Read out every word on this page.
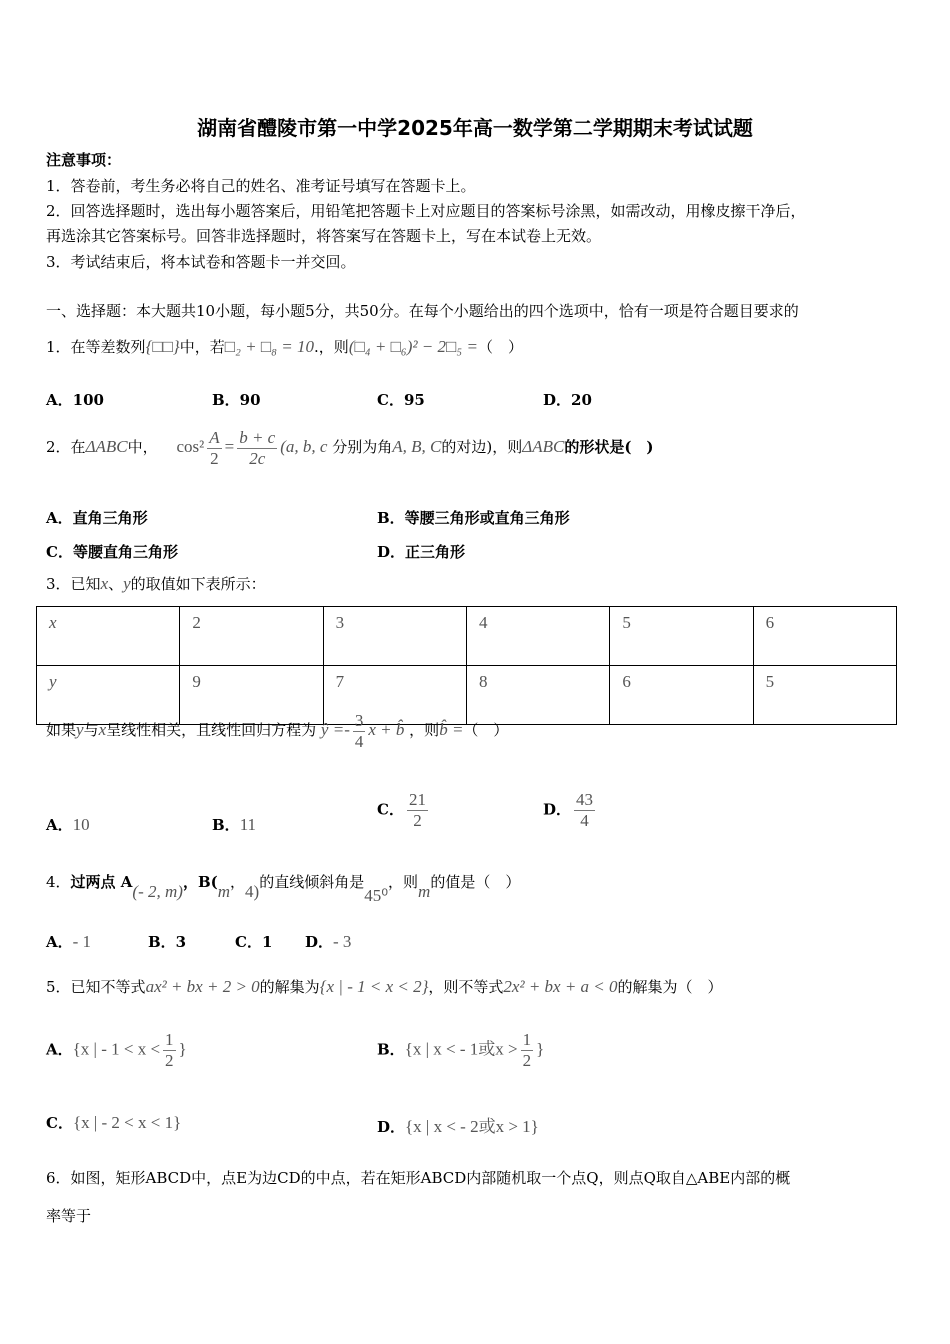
湖南省醴陵市第一中学2025年高一数学第二学期期末考试试题
注意事项：
1．答卷前，考生务必将自己的姓名、准考证号填写在答题卡上。
2．回答选择题时，选出每小题答案后，用铅笔把答题卡上对应题目的答案标号涂黑，如需改动，用橡皮擦干净后，
再选涂其它答案标号。回答非选择题时，将答案写在答题卡上，写在本试卷上无效。
3．考试结束后，将本试卷和答题卡一并交回。
一、选择题：本大题共10小题，每小题5分，共50分。在每个小题给出的四个选项中，恰有一项是符合题目要求的
1．在等差数列{□□}中，若□₂ + □₈ = 10.，则(□₄ + □₆)² − 2□₅ =（　）
A．100	B．90	C．95	D．20
2．在ΔABC中， $\cos^2 \frac{A}{2} = \frac{b + c}{2c} (a$, b, c 分别为角A, B, C的对边)，则ΔABC的形状是(　)
A．直角三角形	B．等腰三角形或直角三角形
C．等腰直角三角形	D．正三角形
3．已知x、y的取值如下表所示：
x	2	3	4	5	6
y	9	7	8	6	5
如果y与x呈线性相关，且线性回归方程为 ŷ =- $\frac{3}{4}$ x + b̂ ，则b̂ =（　）
A．10	B．11
C． $\frac{21}{2}$	D． $\frac{43}{4}$
4．过两点 A(- 2, m)，B(m，4)的直线倾斜角是45⁰，则m的值是（　）
A．- 1	B．3	C．1 D．- 3
5．已知不等式ax² + bx + 2 > 0的解集为{x | - 1 < x < 2}，则不等式2x² + bx + a < 0的解集为（　）
A．{x | - $1 < x < \frac{1}{2}$ }	B．{x | x < - 1或$x > \frac{1}{2}$ }
C．{x | - 2 < x < 1}	D．{x | x < - 2或x > 1}
6．如图，矩形ABCD中，点E为边CD的中点，若在矩形ABCD内部随机取一个点Q，则点Q取自△ABE内部的概
率等于
